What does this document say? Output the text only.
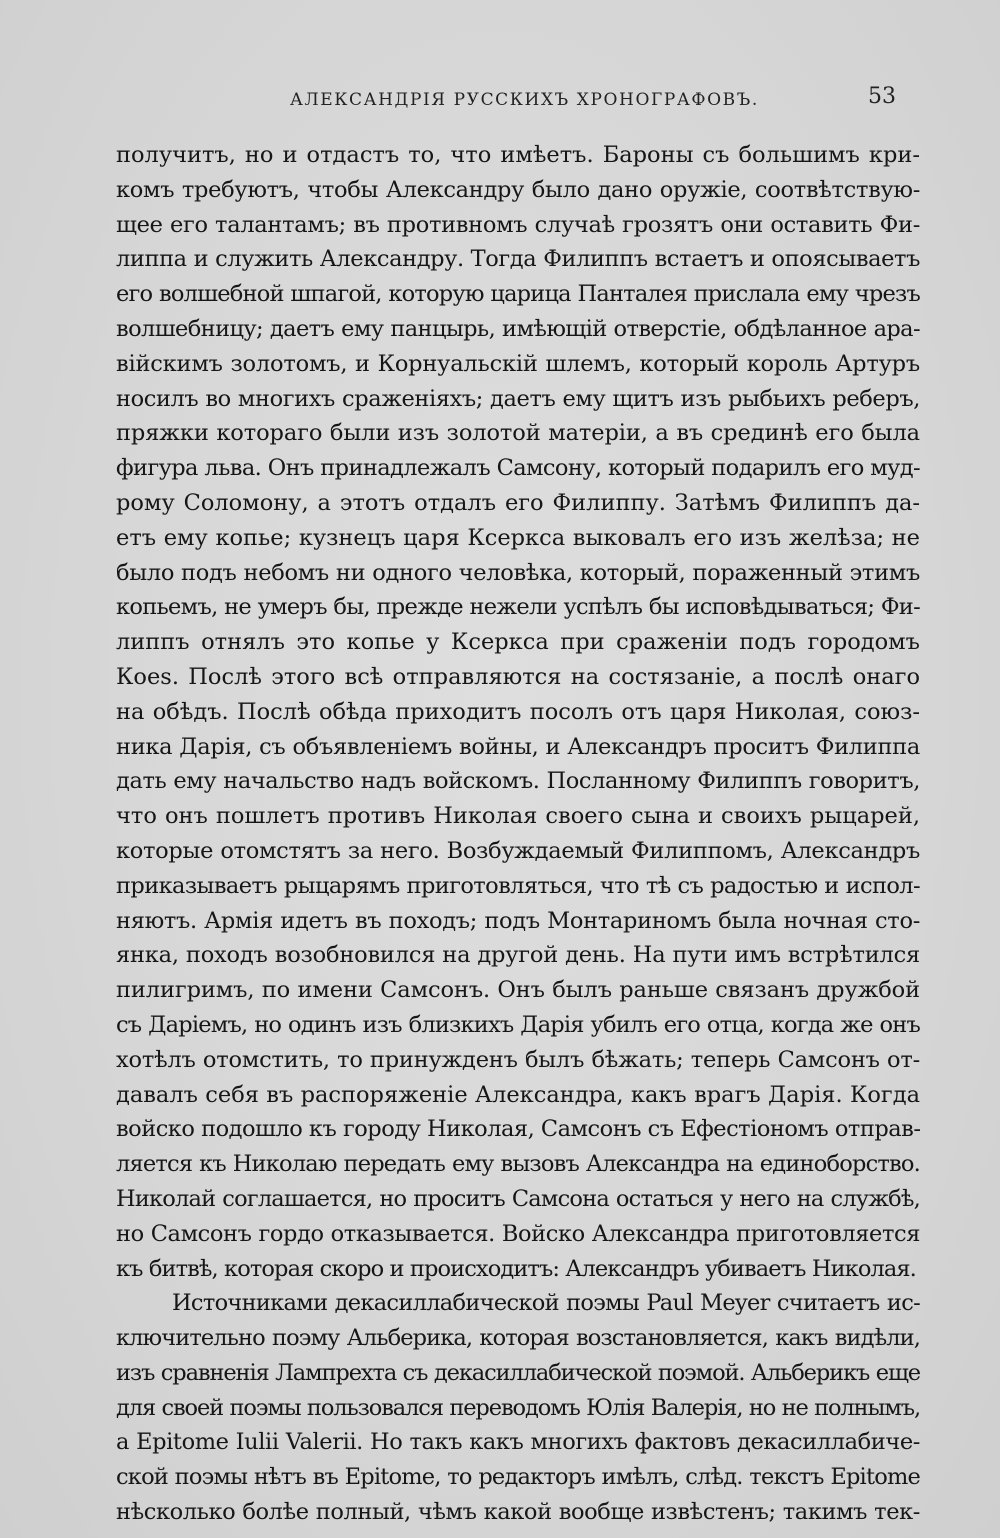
АЛЕКСАНДРІЯ РУССКИХЪ ХРОНОГРАФОВЪ.	53
получитъ, но и отдастъ то, что имѣетъ. Бароны съ большимъ кри-
комъ требуютъ, чтобы Александру было дано оружіе, соотвѣтствую-
щее его талантамъ; въ противномъ случаѣ грозятъ они оставить Фи-
липпа и служить Александру. Тогда Филиппъ встаетъ и опоясываетъ
его волшебной шпагой, которую царица Панталея прислала ему чрезъ
волшебницу; даетъ ему панцырь, имѣющій отверстіе, обдѣланное ара-
війскимъ золотомъ, и Корнуальскій шлемъ, который король Артуръ
носилъ во многихъ сраженіяхъ; даетъ ему щитъ изъ рыбьихъ реберъ,
пряжки котораго были изъ золотой матеріи, а въ срединѣ его была
фигура льва. Онъ принадлежалъ Самсону, который подарилъ его муд-
рому Соломону, а этотъ отдалъ его Филиппу. Затѣмъ Филиппъ да-
етъ ему копье; кузнецъ царя Ксеркса выковалъ его изъ желѣза; не
было подъ небомъ ни одного человѣка, который, пораженный этимъ
копьемъ, не умеръ бы, прежде нежели успѣлъ бы исповѣдываться; Фи-
липпъ отнялъ это копье у Ксеркса при сраженіи подъ городомъ
Коеs. Послѣ этого всѣ отправляются на состязаніе, а послѣ онаго
на обѣдъ. Послѣ обѣда приходитъ посолъ отъ царя Николая, союз-
ника Дарія, съ объявленіемъ войны, и Александръ проситъ Филиппа
дать ему начальство надъ войскомъ. Посланному Филиппъ говоритъ,
что онъ пошлетъ противъ Николая своего сына и своихъ рыцарей,
которые отомстятъ за него. Возбуждаемый Филиппомъ, Александръ
приказываетъ рыцарямъ приготовляться, что тѣ съ радостью и испол-
няютъ. Армія идетъ въ походъ; подъ Монтариномъ была ночная сто-
янка, походъ возобновился на другой день. На пути имъ встрѣтился
пилигримъ, по имени Самсонъ. Онъ былъ раньше связанъ дружбой
съ Даріемъ, но одинъ изъ близкихъ Дарія убилъ его отца, когда же онъ
хотѣлъ отомстить, то принужденъ былъ бѣжать; теперь Самсонъ от-
давалъ себя въ распоряженіе Александра, какъ врагъ Дарія. Когда
войско подошло къ городу Николая, Самсонъ съ Ефестіономъ отправ-
ляется къ Николаю передать ему вызовъ Александра на единоборство.
Николай соглашается, но проситъ Самсона остаться у него на службѣ,
но Самсонъ гордо отказывается. Войско Александра приготовляется
къ битвѣ, которая скоро и происходитъ: Александръ убиваетъ Николая.
Источниками декасиллабической поэмы Paul Meyer считаетъ ис-
ключительно поэму Альберика, которая возстановляется, какъ видѣли,
изъ сравненія Лампрехта съ декасиллабической поэмой. Альберикъ еще
для своей поэмы пользовался переводомъ Юлія Валерія, но не полнымъ,
а Epitome Iulii Valerii. Но такъ какъ многихъ фактовъ декасиллабиче-
ской поэмы нѣтъ въ Epitome, то редакторъ имѣлъ, слѣд. текстъ Epitome
нѣсколько болѣе полный, чѣмъ какой вообще извѣстенъ; такимъ тек-
